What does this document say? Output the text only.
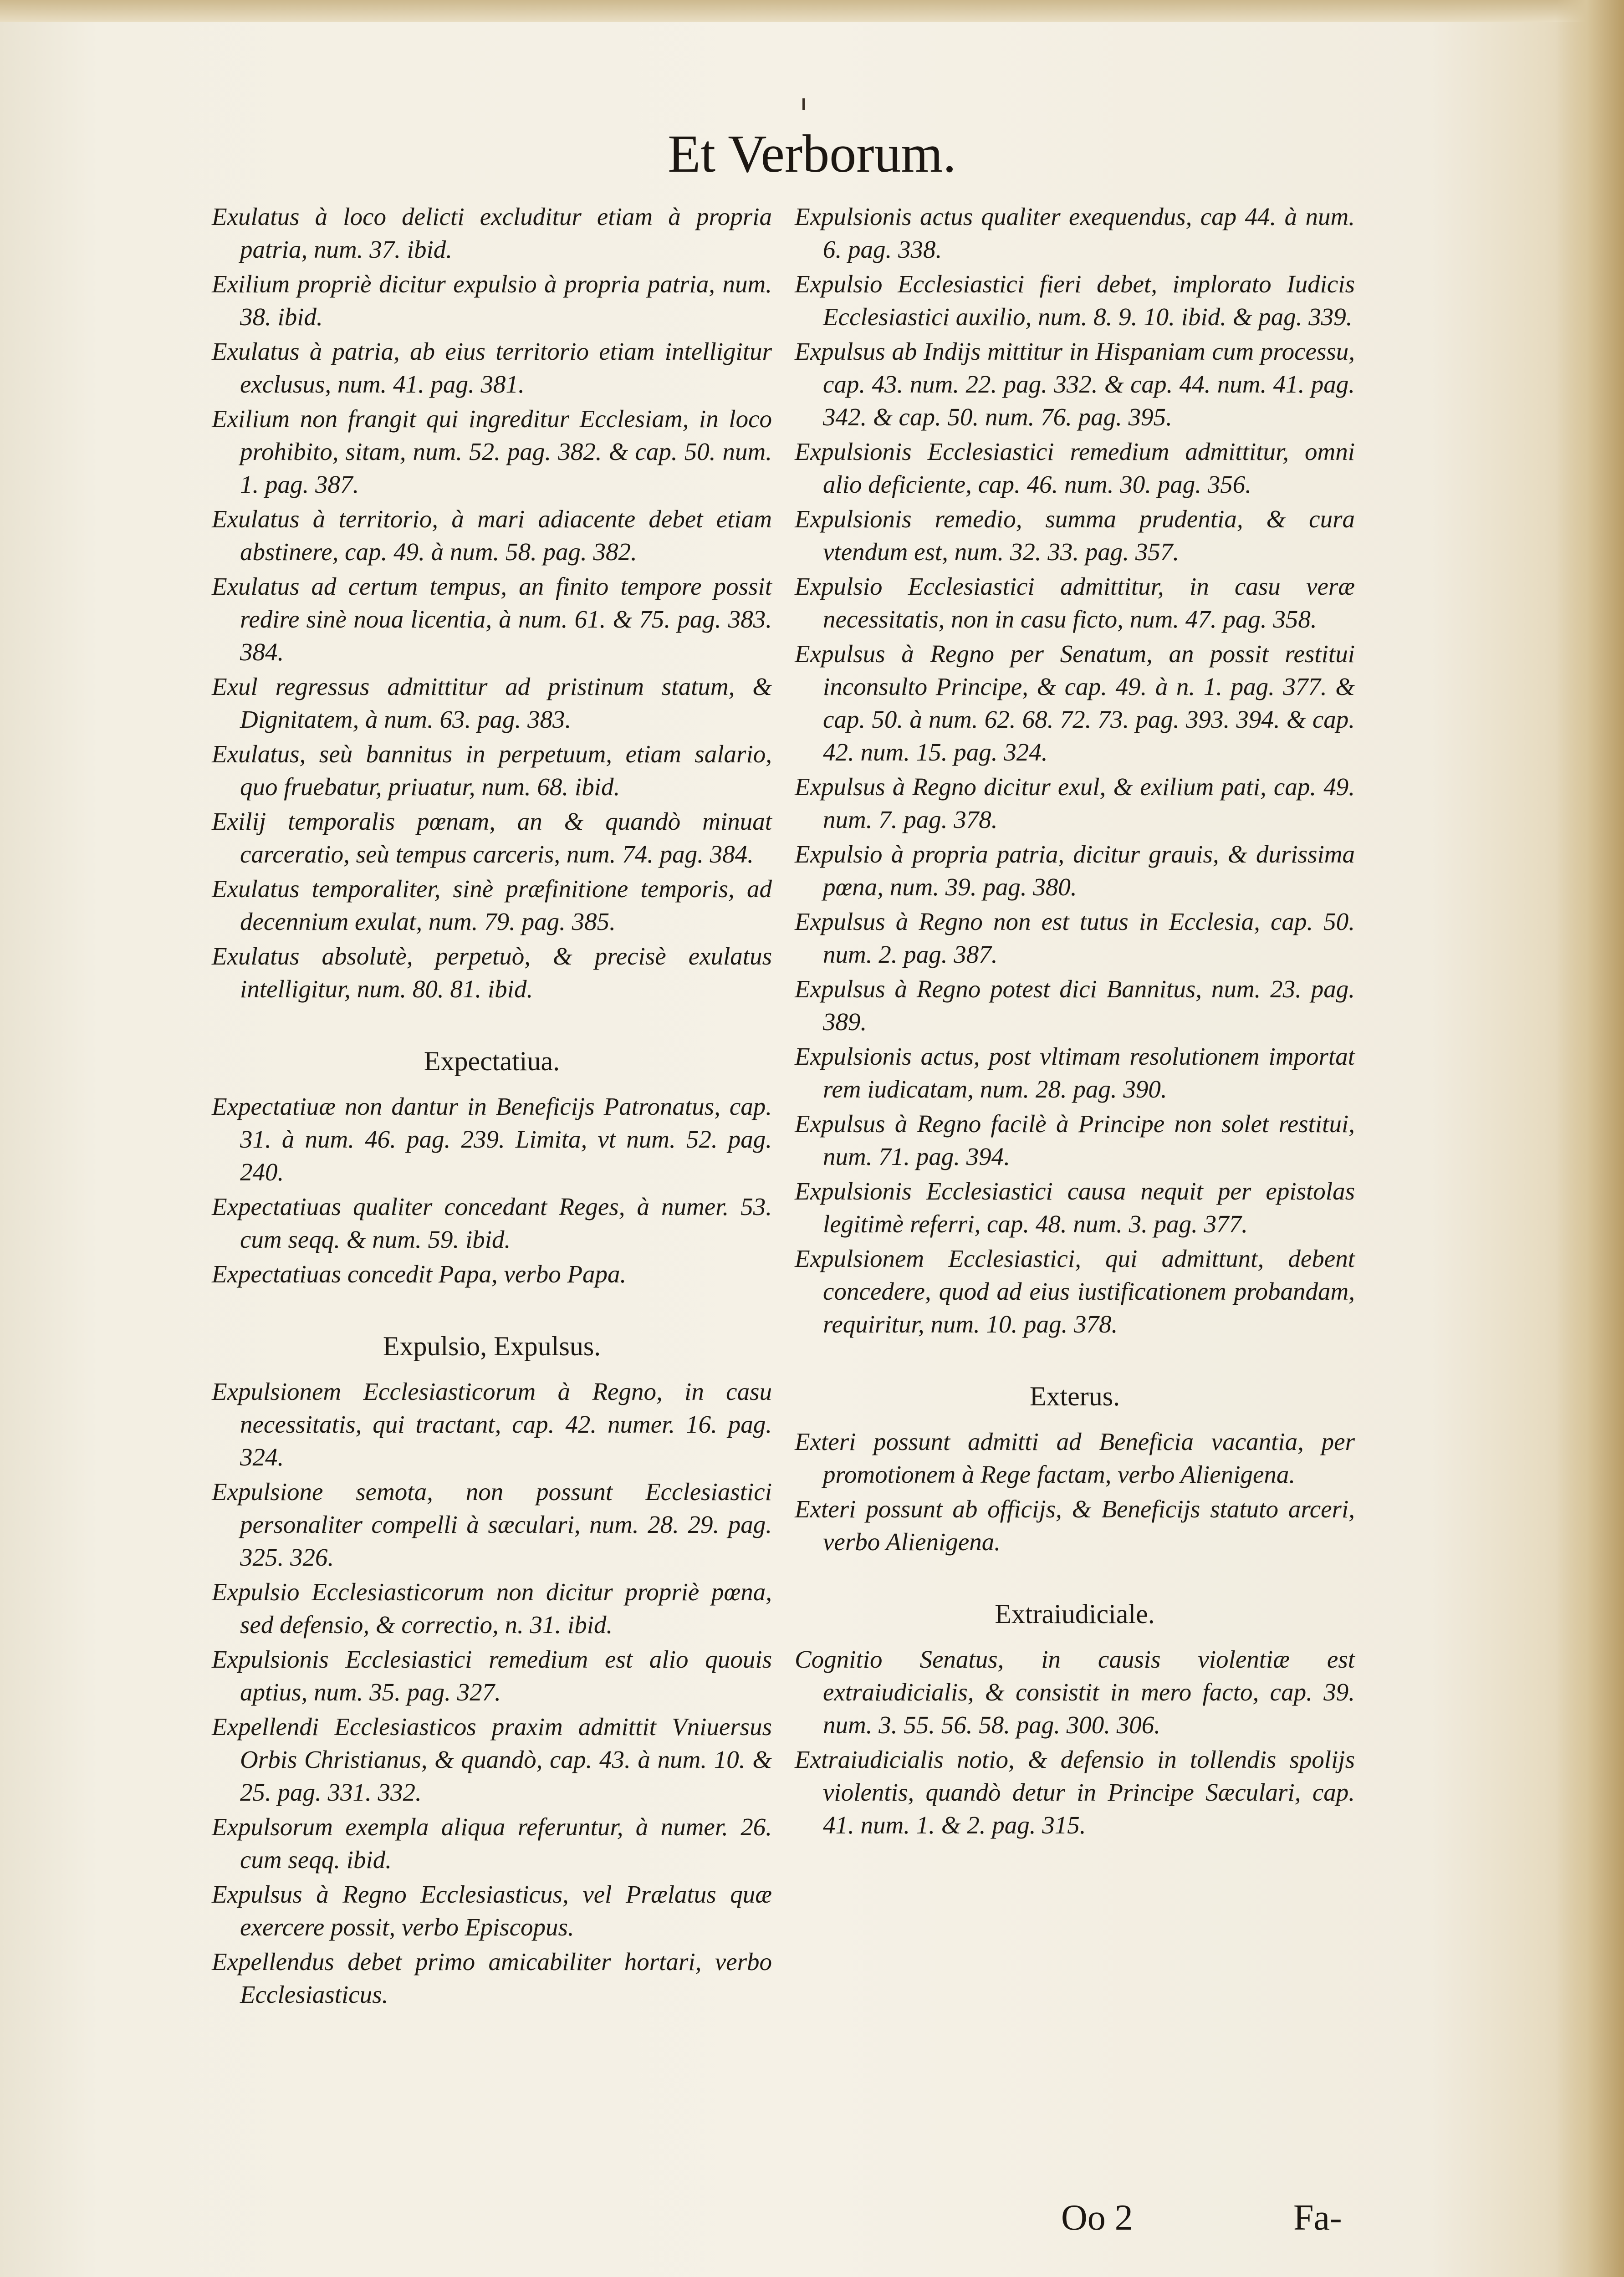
Et Verborum.
Exulatus à loco delicti excluditur etiam à propria patria, num. 37. ibid.
Exilium propriè dicitur expulsio à propria patria, num. 38. ibid.
Exulatus à patria, ab eius territorio etiam intelligitur exclusus, num. 41. pag. 381.
Exilium non frangit qui ingreditur Ecclesiam, in loco prohibito, sitam, num. 52. pag. 382. & cap. 50. num. 1. pag. 387.
Exulatus à territorio, à mari adiacente debet etiam abstinere, cap. 49. à num. 58. pag. 382.
Exulatus ad certum tempus, an finito tempore possit redire sinè noua licentia, à num. 61. & 75. pag. 383. 384.
Exul regressus admittitur ad pristinum statum, & Dignitatem, à num. 63. pag. 383.
Exulatus, seù bannitus in perpetuum, etiam salario, quo fruebatur, priuatur, num. 68. ibid.
Exilij temporalis pœnam, an & quandò minuat carceratio, seù tempus carceris, num. 74. pag. 384.
Exulatus temporaliter, sinè præfinitione temporis, ad decennium exulat, num. 79. pag. 385.
Exulatus absolutè, perpetuò, & precisè exulatus intelligitur, num. 80. 81. ibid.
Expectatiua.
Expectatiuæ non dantur in Beneficijs Patronatus, cap. 31. à num. 46. pag. 239. Limita, vt num. 52. pag. 240.
Expectatiuas qualiter concedant Reges, à numer. 53. cum seqq. & num. 59. ibid.
Expectatiuas concedit Papa, verbo Papa.
Expulsio, Expulsus.
Expulsionem Ecclesiasticorum à Regno, in casu necessitatis, qui tractant, cap. 42. numer. 16. pag. 324.
Expulsione semota, non possunt Ecclesiastici personaliter compelli à sæculari, num. 28. 29. pag. 325. 326.
Expulsio Ecclesiasticorum non dicitur propriè pœna, sed defensio, & correctio, n. 31. ibid.
Expulsionis Ecclesiastici remedium est alio quouis aptius, num. 35. pag. 327.
Expellendi Ecclesiasticos praxim admittit Vniuersus Orbis Christianus, & quandò, cap. 43. à num. 10. & 25. pag. 331. 332.
Expulsorum exempla aliqua referuntur, à numer. 26. cum seqq. ibid.
Expulsus à Regno Ecclesiasticus, vel Prælatus quæ exercere possit, verbo Episcopus.
Expellendus debet primo amicabiliter hortari, verbo Ecclesiasticus.
Expulsionis actus qualiter exequendus, cap 44. à num. 6. pag. 338.
Expulsio Ecclesiastici fieri debet, implorato Iudicis Ecclesiastici auxilio, num. 8. 9. 10. ibid. & pag. 339.
Expulsus ab Indijs mittitur in Hispaniam cum processu, cap. 43. num. 22. pag. 332. & cap. 44. num. 41. pag. 342. & cap. 50. num. 76. pag. 395.
Expulsionis Ecclesiastici remedium admittitur, omni alio deficiente, cap. 46. num. 30. pag. 356.
Expulsionis remedio, summa prudentia, & cura vtendum est, num. 32. 33. pag. 357.
Expulsio Ecclesiastici admittitur, in casu veræ necessitatis, non in casu ficto, num. 47. pag. 358.
Expulsus à Regno per Senatum, an possit restitui inconsulto Principe, & cap. 49. à n. 1. pag. 377. & cap. 50. à num. 62. 68. 72. 73. pag. 393. 394. & cap. 42. num. 15. pag. 324.
Expulsus à Regno dicitur exul, & exilium pati, cap. 49. num. 7. pag. 378.
Expulsio à propria patria, dicitur grauis, & durissima pœna, num. 39. pag. 380.
Expulsus à Regno non est tutus in Ecclesia, cap. 50. num. 2. pag. 387.
Expulsus à Regno potest dici Bannitus, num. 23. pag. 389.
Expulsionis actus, post vltimam resolutionem importat rem iudicatam, num. 28. pag. 390.
Expulsus à Regno facilè à Principe non solet restitui, num. 71. pag. 394.
Expulsionis Ecclesiastici causa nequit per epistolas legitimè referri, cap. 48. num. 3. pag. 377.
Expulsionem Ecclesiastici, qui admittunt, debent concedere, quod ad eius iustificationem probandam, requiritur, num. 10. pag. 378.
Exterus.
Exteri possunt admitti ad Beneficia vacantia, per promotionem à Rege factam, verbo Alienigena.
Exteri possunt ab officijs, & Beneficijs statuto arceri, verbo Alienigena.
Extraiudiciale.
Cognitio Senatus, in causis violentiæ est extraiudicialis, & consistit in mero facto, cap. 39. num. 3. 55. 56. 58. pag. 300. 306.
Extraiudicialis notio, & defensio in tollendis spolijs violentis, quandò detur in Principe Sæculari, cap. 41. num. 1. & 2. pag. 315.
Oo 2	Fa-
